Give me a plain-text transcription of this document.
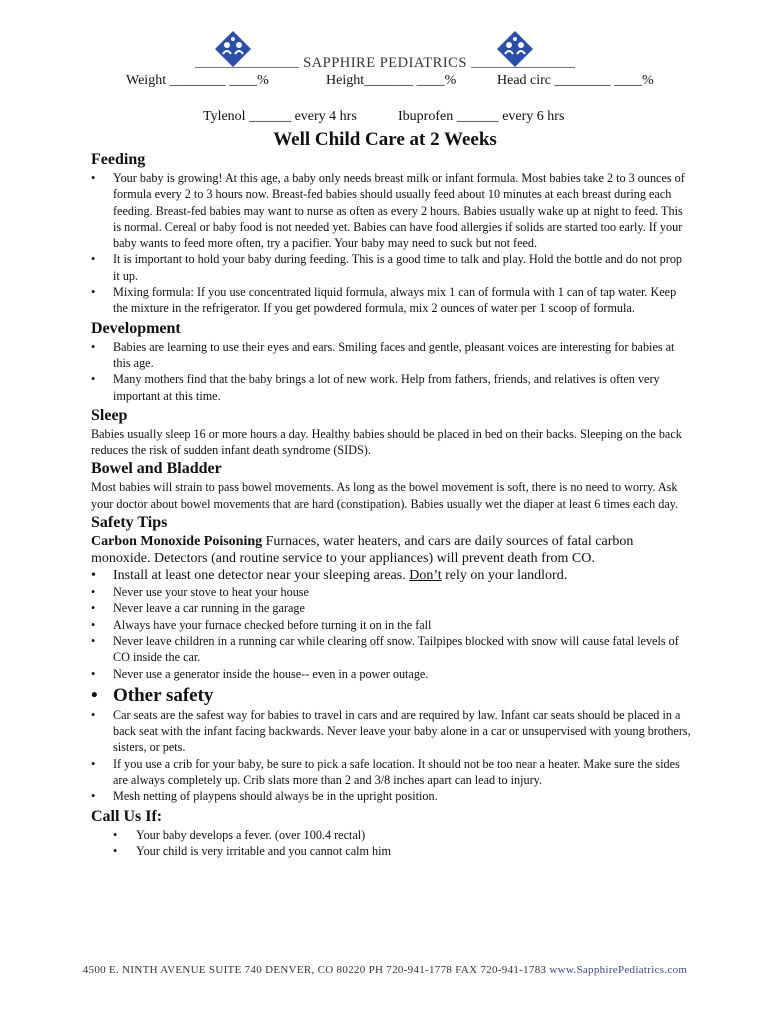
SAPPHIRE PEDIATRICS
Weight ________ ____%	Height_______ ____%	Head circ ________ ____%
Tylenol ______ every 4 hrs	Ibuprofen ______ every 6 hrs
Well Child Care at 2 Weeks
Feeding
• Your baby is growing! At this age, a baby only needs breast milk or infant formula. Most babies take 2 to 3 ounces of formula every 2 to 3 hours now. Breast-fed babies should usually feed about 10 minutes at each breast during each feeding. Breast-fed babies may want to nurse as often as every 2 hours. Babies usually wake up at night to feed. This is normal. Cereal or baby food is not needed yet. Babies can have food allergies if solids are started too early. If your baby wants to feed more often, try a pacifier. Your baby may need to suck but not feed.
• It is important to hold your baby during feeding. This is a good time to talk and play. Hold the bottle and do not prop it up.
• Mixing formula: If you use concentrated liquid formula, always mix 1 can of formula with 1 can of tap water. Keep the mixture in the refrigerator. If you get powdered formula, mix 2 ounces of water per 1 scoop of formula.
Development
• Babies are learning to use their eyes and ears. Smiling faces and gentle, pleasant voices are interesting for babies at this age.
• Many mothers find that the baby brings a lot of new work. Help from fathers, friends, and relatives is often very important at this time.
Sleep

Babies usually sleep 16 or more hours a day. Healthy babies should be placed in bed on their backs. Sleeping on the back reduces the risk of sudden infant death syndrome (SIDS).

Bowel and Bladder

Most babies will strain to pass bowel movements. As long as the bowel movement is soft, there is no need to worry. Ask your doctor about bowel movements that are hard (constipation). Babies usually wet the diaper at least 6 times each day.

Safety Tips

Carbon Monoxide Poisoning Furnaces, water heaters, and cars are daily sources of fatal carbon monoxide. Detectors (and routine service to your appliances) will prevent death from CO.

• Install at least one detector near your sleeping areas. Don’t rely on your landlord.
• Never use your stove to heat your house
• Never leave a car running in the garage
• Always have your furnace checked before turning it on in the fall
• Never leave children in a running car while clearing off snow. Tailpipes blocked with snow will cause fatal levels of CO inside the car.
• Never use a generator inside the house-- even in a power outage.
• Other safety
• Car seats are the safest way for babies to travel in cars and are required by law. Infant car seats should be placed in a back seat with the infant facing backwards. Never leave your baby alone in a car or unsupervised with young brothers, sisters, or pets.
• If you use a crib for your baby, be sure to pick a safe location. It should not be too near a heater. Make sure the sides are always completely up. Crib slats more than 2 and 3/8 inches apart can lead to injury.
• Mesh netting of playpens should always be in the upright position.
Call Us If:
• Your baby develops a fever. (over 100.4 rectal)
• Your child is very irritable and you cannot calm him
4500 E. NINTH AVENUE SUITE 740 DENVER, CO 80220 PH 720-941-1778 FAX 720-941-1783 www.SapphirePediatrics.com
